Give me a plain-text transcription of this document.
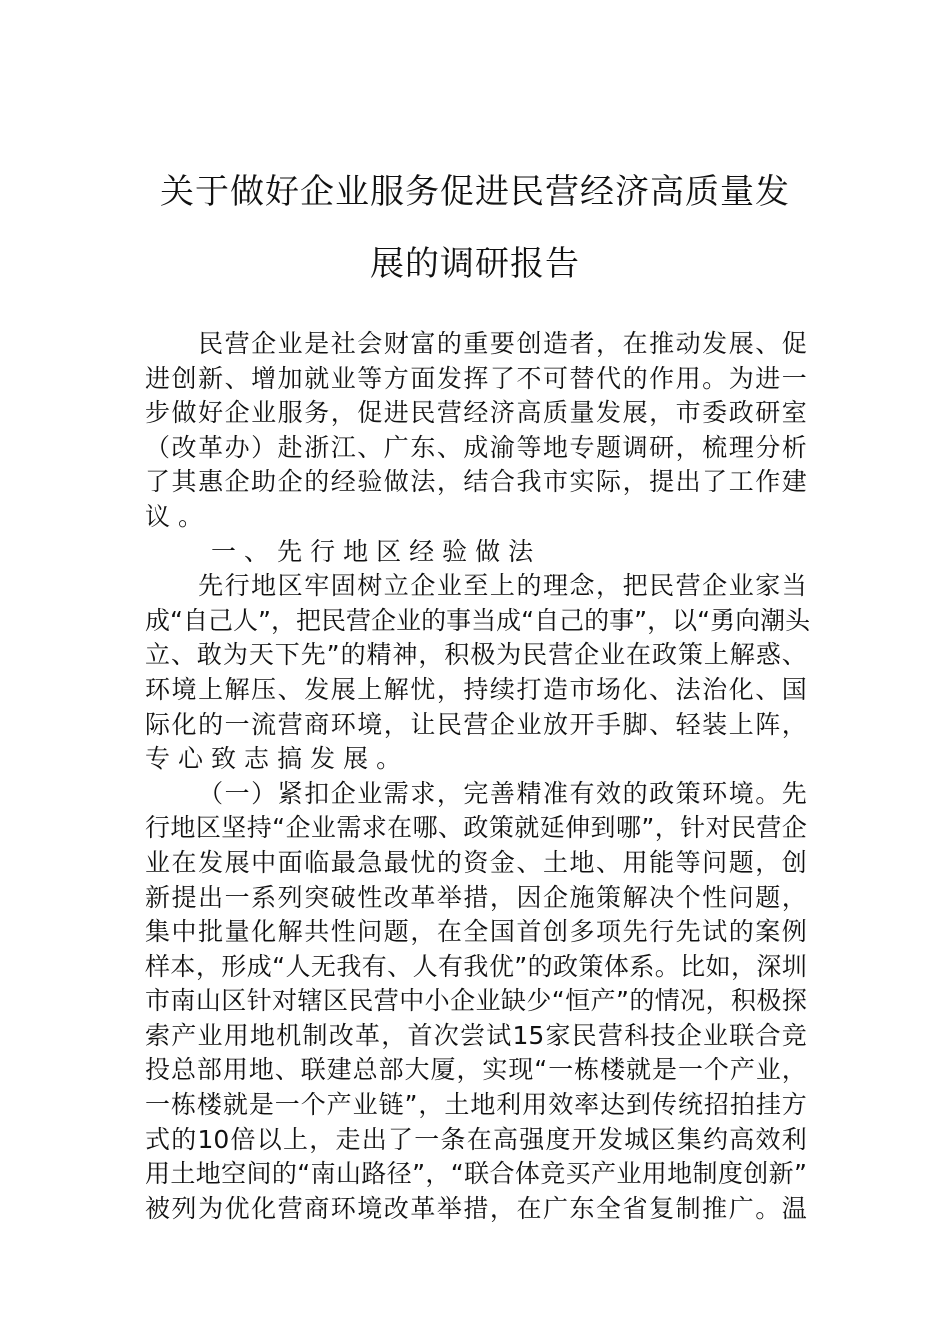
关于做好企业服务促进民营经济高质量发
展的调研报告

民 营 企 业 是 社 会 财 富 的 重 要 创 造 者 ， 在 推 动 发 展 、 促
进 创 新 、 增 加 就 业 等 方 面 发 挥 了 不 可 替 代 的 作 用 。 为 进 一
步 做 好 企 业 服 务 ， 促 进 民 营 经 济 高 质 量 发 展 ， 市 委 政 研 室
（ 改 革 办 ） 赴 浙 江 、 广 东 、 成 渝 等 地 专 题 调 研 ， 梳 理 分 析
了 其 惠 企 助 企 的 经 验 做 法 ， 结 合 我 市 实 际 ， 提 出 了 工 作 建
议 。

一 、 先 行 地 区 经 验 做 法

先 行 地 区 牢 固 树 立 企 业 至 上 的 理 念 ， 把 民 营 企 业 家 当
成 “ 自 己 人 ” ， 把 民 营 企 业 的 事 当 成 “ 自 己 的 事 ” ， 以 “ 勇 向 潮 头
立 、 敢 为 天 下 先 ” 的 精 神 ， 积 极 为 民 营 企 业 在 政 策 上 解 惑 、
环 境 上 解 压 、 发 展 上 解 忧 ， 持 续 打 造 市 场 化 、 法 治 化 、 国
际 化 的 一 流 营 商 环 境 ， 让 民 营 企 业 放 开 手 脚 、 轻 装 上 阵 ，
专 心 致 志 搞 发 展 。

（ 一 ） 紧 扣 企 业 需 求 ， 完 善 精 准 有 效 的 政 策 环 境 。 先
行 地 区 坚 持 “ 企 业 需 求 在 哪 、 政 策 就 延 伸 到 哪 ” ， 针 对 民 营 企
业 在 发 展 中 面 临 最 急 最 忧 的 资 金 、 土 地 、 用 能 等 问 题 ， 创
新 提 出 一 系 列 突 破 性 改 革 举 措 ， 因 企 施 策 解 决 个 性 问 题 ，
集 中 批 量 化 解 共 性 问 题 ， 在 全 国 首 创 多 项 先 行 先 试 的 案 例
样 本 ， 形 成 “ 人 无 我 有 、 人 有 我 优 ” 的 政 策 体 系 。 比 如 ， 深 圳
市 南 山 区 针 对 辖 区 民 营 中 小 企 业 缺 少 “ 恒 产 ” 的 情 况 ， 积 极 探
索 产 业 用 地 机 制 改 革 ， 首 次 尝 试 15 家 民 营 科 技 企 业 联 合 竞
投 总 部 用 地 、 联 建 总 部 大 厦 ， 实 现 “ 一 栋 楼 就 是 一 个 产 业 ，
一 栋 楼 就 是 一 个 产 业 链 ” ， 土 地 利 用 效 率 达 到 传 统 招 拍 挂 方
式 的 10 倍 以 上 ， 走 出 了 一 条 在 高 强 度 开 发 城 区 集 约 高 效 利
用 土 地 空 间 的 “ 南 山 路 径 ” ， “ 联 合 体 竞 买 产 业 用 地 制 度 创 新 ”
被 列 为 优 化 营 商 环 境 改 革 举 措 ， 在 广 东 全 省 复 制 推 广 。 温
